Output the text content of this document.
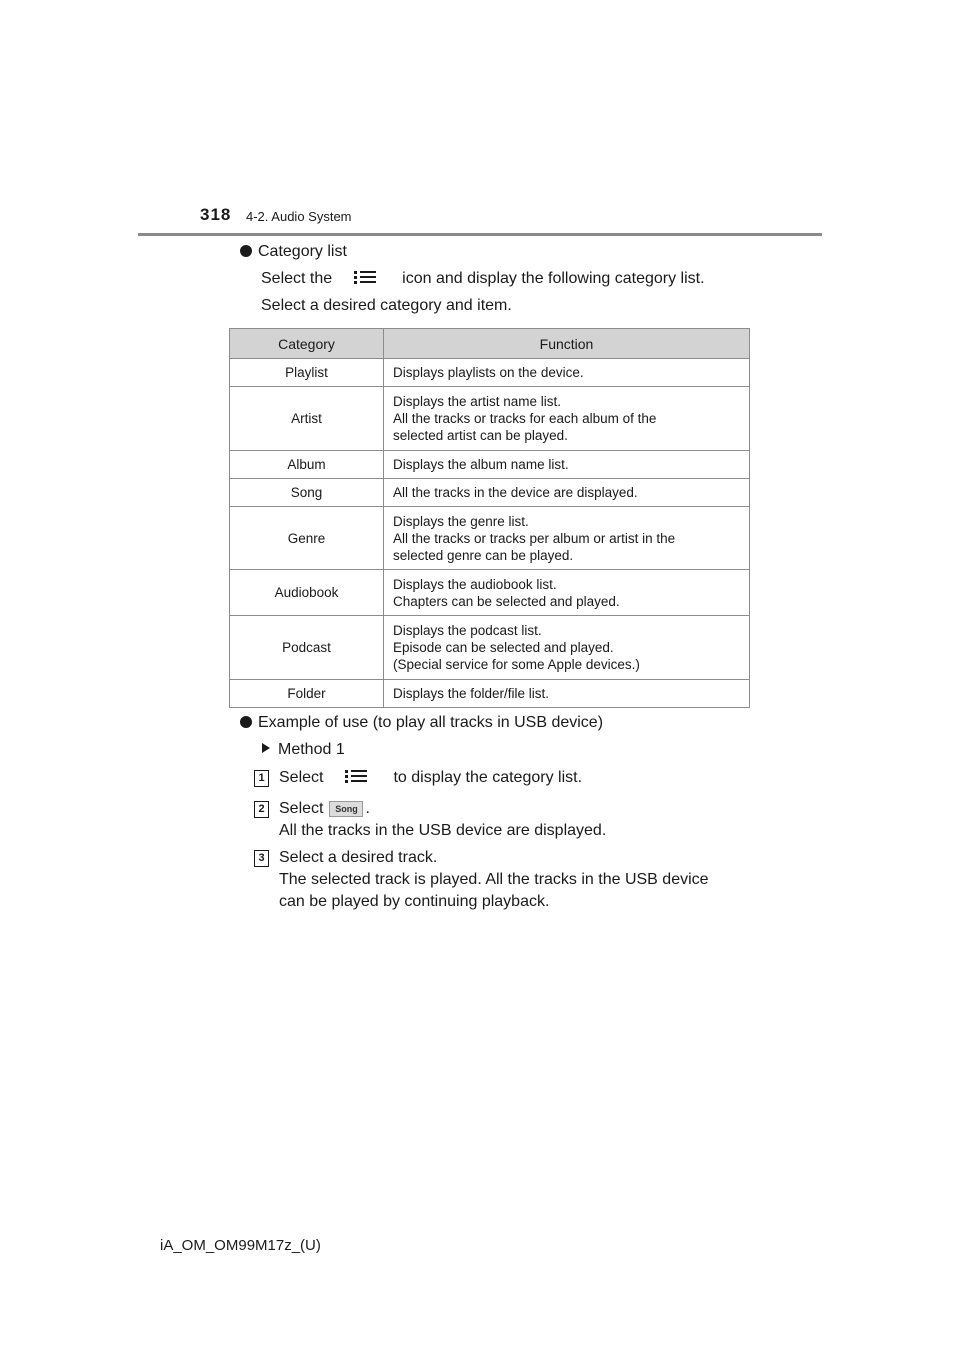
318 4-2. Audio System
Category list
Select the	icon and display the following category list.
Select a desired category and item.
Category	Function
Playlist	Displays playlists on the device.

Artist	Displays the artist name list.
All the tracks or tracks for each album of the
selected artist can be played.

Album	Displays the album name list.

Song	All the tracks in the device are displayed.

Genre	Displays the genre list.
All the tracks or tracks per album or artist in the
selected genre can be played.

Audiobook	Displays the audiobook list.
Chapters can be selected and played.

Podcast	Displays the podcast list.
Episode can be selected and played.
(Special service for some Apple devices.)

Folder	Displays the folder/file list.
Example of use (to play all tracks in USB device)
Method 1
1 Select	to display the category list.
2 Select Song .
All the tracks in the USB device are displayed.
3 Select a desired track.
The selected track is played. All the tracks in the USB device
can be played by continuing playback.
iA_OM_OM99M17z_(U)
